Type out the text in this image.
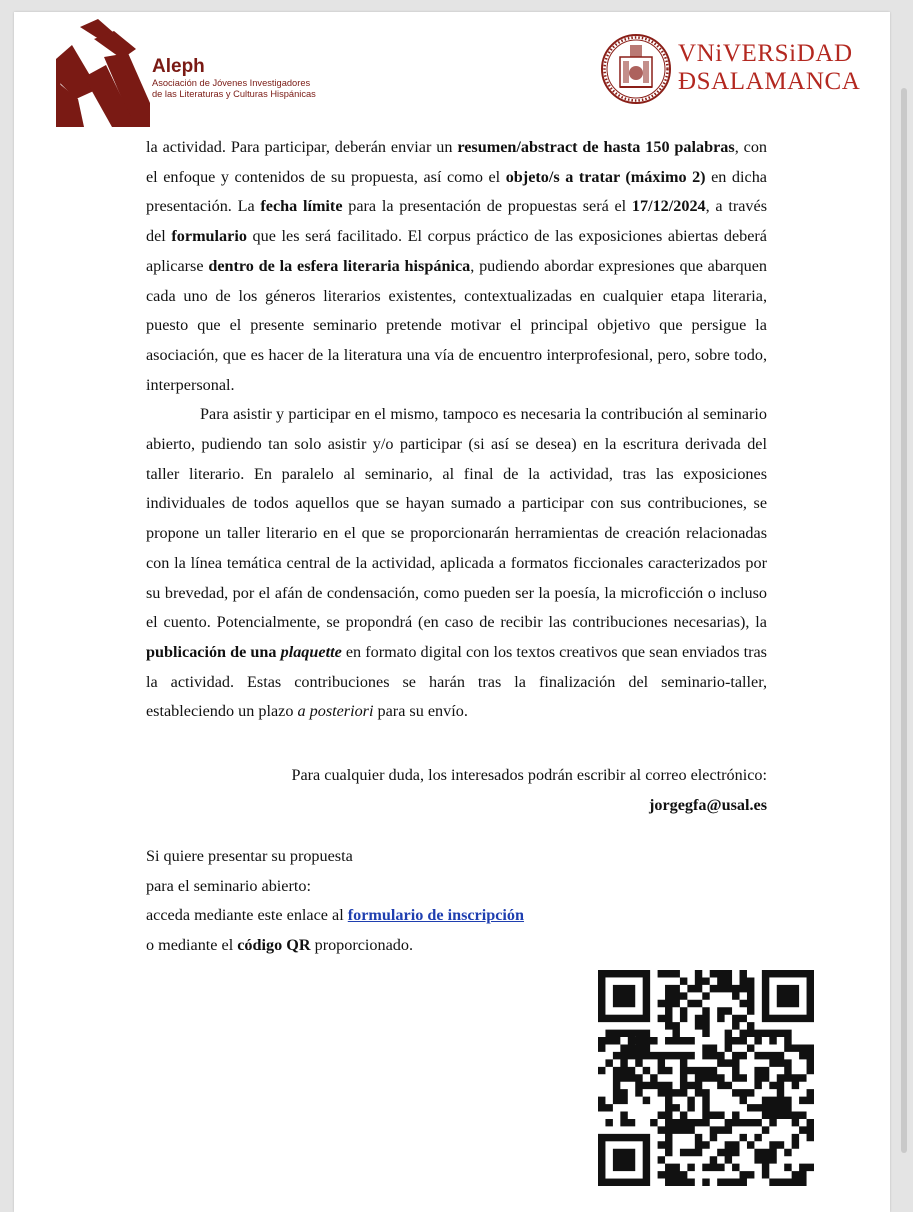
Aleph
Asociación de Jóvenes Investigadores
de las Literaturas y Culturas Hispánicas
VNiVERSiDAD
ÐSALAMANCA

la actividad. Para participar, deberán enviar un resumen/abstract de hasta 150 palabras, con el enfoque y contenidos de su propuesta, así como el objeto/s a tratar (máximo 2) en dicha presentación. La fecha límite para la presentación de propuestas será el 17/12/2024, a través del formulario que les será facilitado. El corpus práctico de las exposiciones abiertas deberá aplicarse dentro de la esfera literaria hispánica, pudiendo abordar expresiones que abarquen cada uno de los géneros literarios existentes, contextualizadas en cualquier etapa literaria, puesto que el presente seminario pretende motivar el principal objetivo que persigue la asociación, que es hacer de la literatura una vía de encuentro interprofesional, pero, sobre todo, interpersonal.

Para asistir y participar en el mismo, tampoco es necesaria la contribución al seminario abierto, pudiendo tan solo asistir y/o participar (si así se desea) en la escritura derivada del taller literario. En paralelo al seminario, al final de la actividad, tras las exposiciones individuales de todos aquellos que se hayan sumado a participar con sus contribuciones, se propone un taller literario en el que se proporcionarán herramientas de creación relacionadas con la línea temática central de la actividad, aplicada a formatos ficcionales caracterizados por su brevedad, por el afán de condensación, como pueden ser la poesía, la microficción o incluso el cuento. Potencialmente, se propondrá (en caso de recibir las contribuciones necesarias), la publicación de una plaquette en formato digital con los textos creativos que sean enviados tras la actividad. Estas contribuciones se harán tras la finalización del seminario-taller, estableciendo un plazo a posteriori para su envío.

Para cualquier duda, los interesados podrán escribir al correo electrónico:
jorgegfa@usal.es
Si quiere presentar su propuesta
para el seminario abierto:
acceda mediante este enlace al formulario de inscripción
o mediante el código QR proporcionado.
